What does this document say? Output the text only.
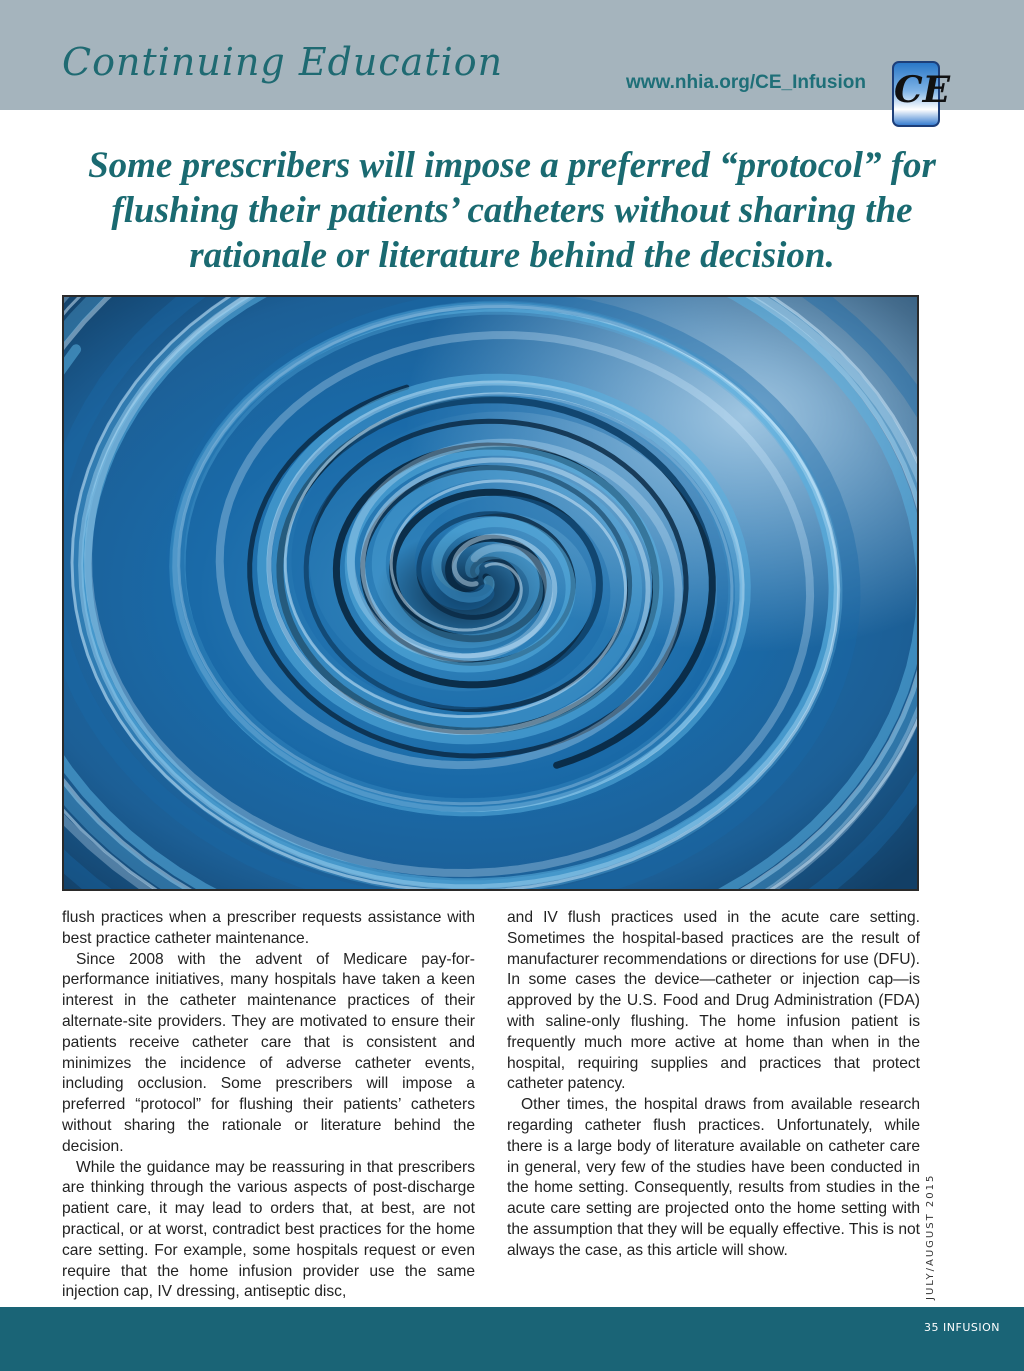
Continuing Education	www.nhia.org/CE_Infusion CE
Some prescribers will impose a preferred “protocol” for flushing their patients’ catheters without sharing the rationale or literature behind the decision.

flush practices when a prescriber requests assistance with best practice catheter maintenance.

Since 2008 with the advent of Medicare pay-for-performance initiatives, many hospitals have taken a keen interest in the catheter maintenance practices of their alternate-site providers. They are motivated to ensure their patients receive catheter care that is consistent and minimizes the incidence of adverse catheter events, including occlusion. Some prescribers will impose a preferred “protocol” for flushing their patients’ catheters without sharing the rationale or literature behind the decision.

While the guidance may be reassuring in that prescribers are thinking through the various aspects of post-discharge patient care, it may lead to orders that, at best, are not practical, or at worst, contradict best practices for the home care setting. For example, some hospitals request or even require that the home infusion provider use the same injection cap, IV dressing, antiseptic disc,

and IV flush practices used in the acute care setting. Sometimes the hospital-based practices are the result of manufacturer recommendations or directions for use (DFU). In some cases the device—catheter or injection cap—is approved by the U.S. Food and Drug Administration (FDA) with saline-only flushing. The home infusion patient is frequently much more active at home than when in the hospital, requiring supplies and practices that protect catheter patency.

Other times, the hospital draws from available research regarding catheter flush practices. Unfortunately, while there is a large body of literature available on catheter care in general, very few of the studies have been conducted in the home setting. Consequently, results from studies in the acute care setting are projected onto the home setting with the assumption that they will be equally effective. This is not always the case, as this article will show.	JULY/AUGUST 2015
35 INFUSION
